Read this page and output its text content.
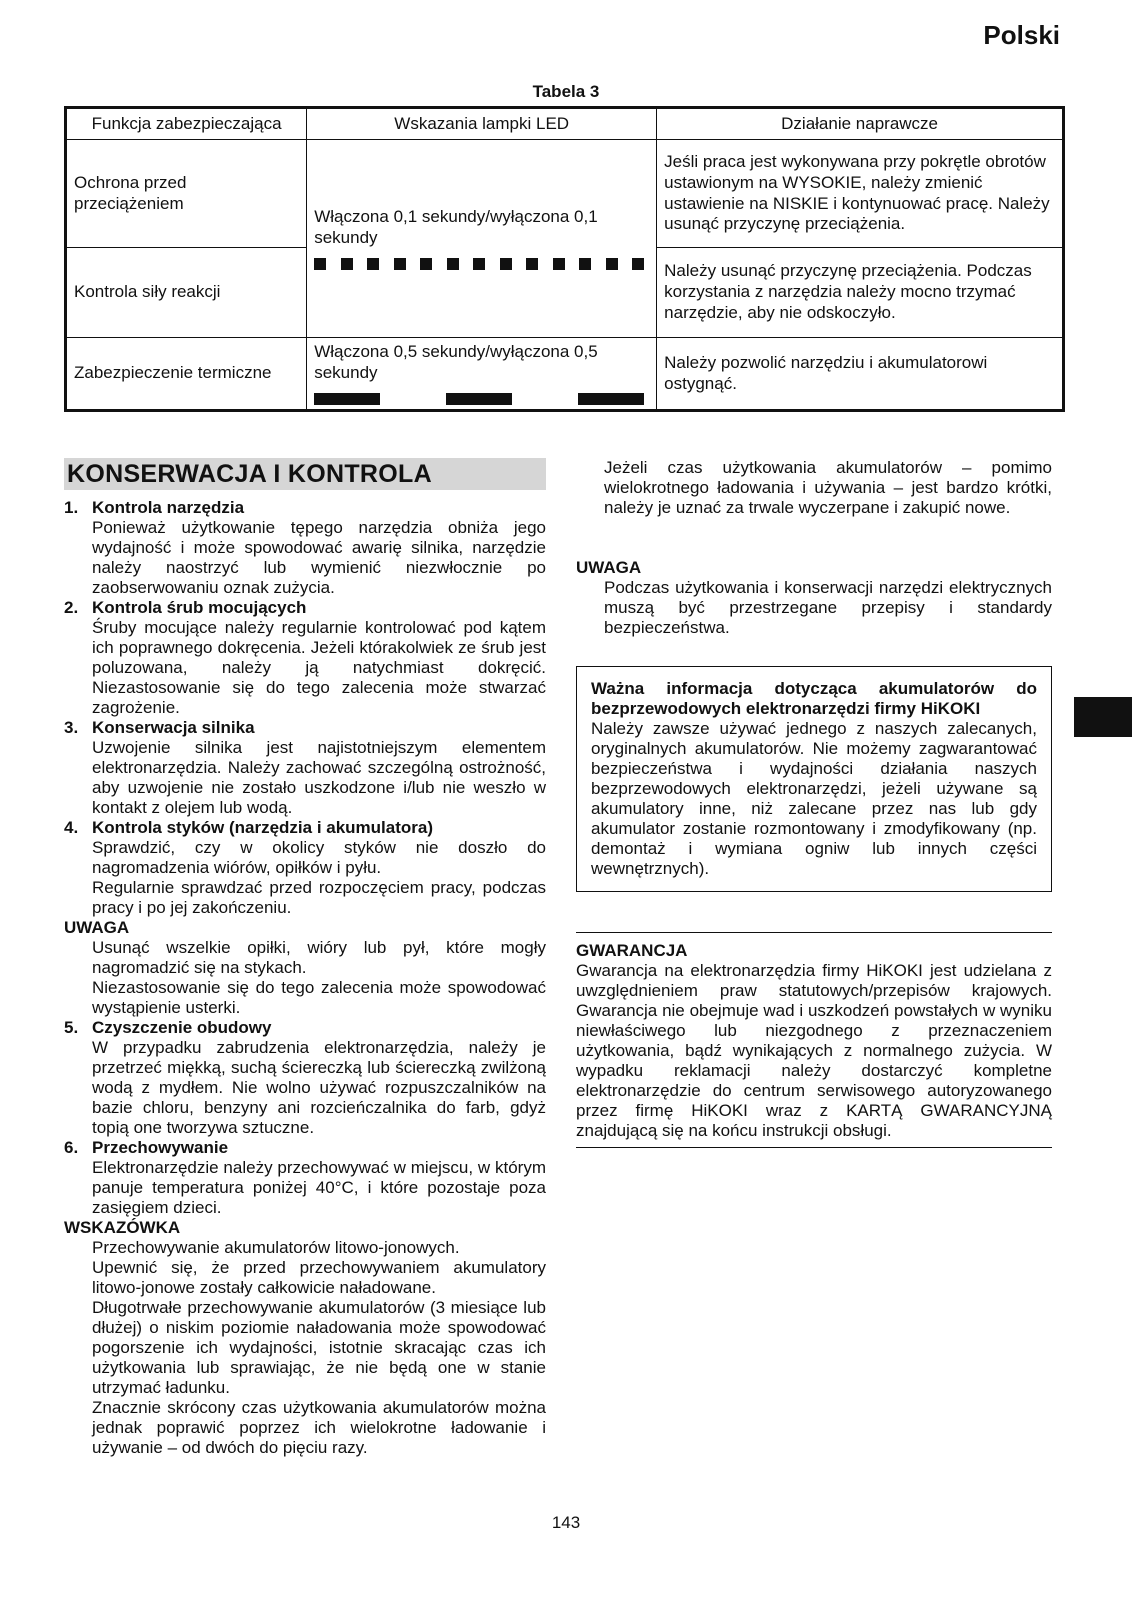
Polski
Tabela 3
Funkcja zabezpieczająca	Wskazania lampki LED	Działanie naprawcze
Ochrona przed przeciążeniem	Włączona 0,1 sekundy/wyłączona 0,1 sekundy	Jeśli praca jest wykonywana przy pokrętle obrotów ustawionym na WYSOKIE, należy zmienić ustawienie na NISKIE i kontynuować pracę. Należy usunąć przyczynę przeciążenia.
Kontrola siły reakcji		Należy usunąć przyczynę przeciążenia. Podczas korzystania z narzędzia należy mocno trzymać narzędzie, aby nie odskoczyło.
Zabezpieczenie termiczne	Włączona 0,5 sekundy/wyłączona 0,5 sekundy	Należy pozwolić narzędziu i akumulatorowi ostygnąć.
KONSERWACJA I KONTROLA
1. Kontrola narzędzia

Ponieważ użytkowanie tępego narzędzia obniża jego wydajność i może spowodować awarię silnika, narzędzie należy naostrzyć lub wymienić niezwłocznie po zaobserwowaniu oznak zużycia.

2. Kontrola śrub mocujących

Śruby mocujące należy regularnie kontrolować pod kątem ich poprawnego dokręcenia. Jeżeli którakolwiek ze śrub jest poluzowana, należy ją natychmiast dokręcić. Niezastosowanie się do tego zalecenia może stwarzać zagrożenie.

3. Konserwacja silnika

Uzwojenie silnika jest najistotniejszym elementem elektronarzędzia. Należy zachować szczególną ostrożność, aby uzwojenie nie zostało uszkodzone i/lub nie weszło w kontakt z olejem lub wodą.

4. Kontrola styków (narzędzia i akumulatora)

Sprawdzić, czy w okolicy styków nie doszło do nagromadzenia wiórów, opiłków i pyłu.

Regularnie sprawdzać przed rozpoczęciem pracy, podczas pracy i po jej zakończeniu.

UWAGA

Usunąć wszelkie opiłki, wióry lub pył, które mogły nagromadzić się na stykach.

Niezastosowanie się do tego zalecenia może spowodować wystąpienie usterki.

5. Czyszczenie obudowy

W przypadku zabrudzenia elektronarzędzia, należy je przetrzeć miękką, suchą ściereczką lub ściereczką zwilżoną wodą z mydłem. Nie wolno używać rozpuszczalników na bazie chloru, benzyny ani rozcieńczalnika do farb, gdyż topią one tworzywa sztuczne.

6. Przechowywanie

Elektronarzędzie należy przechowywać w miejscu, w którym panuje temperatura poniżej 40°C, i które pozostaje poza zasięgiem dzieci.

WSKAZÓWKA

Przechowywanie akumulatorów litowo-jonowych.

Upewnić się, że przed przechowywaniem akumulatory litowo-jonowe zostały całkowicie naładowane.

Długotrwałe przechowywanie akumulatorów (3 miesiące lub dłużej) o niskim poziomie naładowania może spowodować pogorszenie ich wydajności, istotnie skracając czas ich użytkowania lub sprawiając, że nie będą one w stanie utrzymać ładunku.

Znacznie skrócony czas użytkowania akumulatorów można jednak poprawić poprzez ich wielokrotne ładowanie i używanie – od dwóch do pięciu razy.

Jeżeli czas użytkowania akumulatorów – pomimo wielokrotnego ładowania i używania – jest bardzo krótki, należy je uznać za trwale wyczerpane i zakupić nowe.

UWAGA

Podczas użytkowania i konserwacji narzędzi elektrycznych muszą być przestrzegane przepisy i standardy bezpieczeństwa.

Ważna informacja dotycząca akumulatorów do bezprzewodowych elektronarzędzi firmy HiKOKI

Należy zawsze używać jednego z naszych zalecanych, oryginalnych akumulatorów. Nie możemy zagwarantować bezpieczeństwa i wydajności działania naszych bezprzewodowych elektronarzędzi, jeżeli używane są akumulatory inne, niż zalecane przez nas lub gdy akumulator zostanie rozmontowany i zmodyfikowany (np. demontaż i wymiana ogniw lub innych części wewnętrznych).

GWARANCJA

Gwarancja na elektronarzędzia firmy HiKOKI jest udzielana z uwzględnieniem praw statutowych/przepisów krajowych. Gwarancja nie obejmuje wad i uszkodzeń powstałych w wyniku niewłaściwego lub niezgodnego z przeznaczeniem użytkowania, bądź wynikających z normalnego zużycia. W wypadku reklamacji należy dostarczyć kompletne elektronarzędzie do centrum serwisowego autoryzowanego przez firmę HiKOKI wraz z KARTĄ GWARANCYJNĄ znajdującą się na końcu instrukcji obsługi.

143
